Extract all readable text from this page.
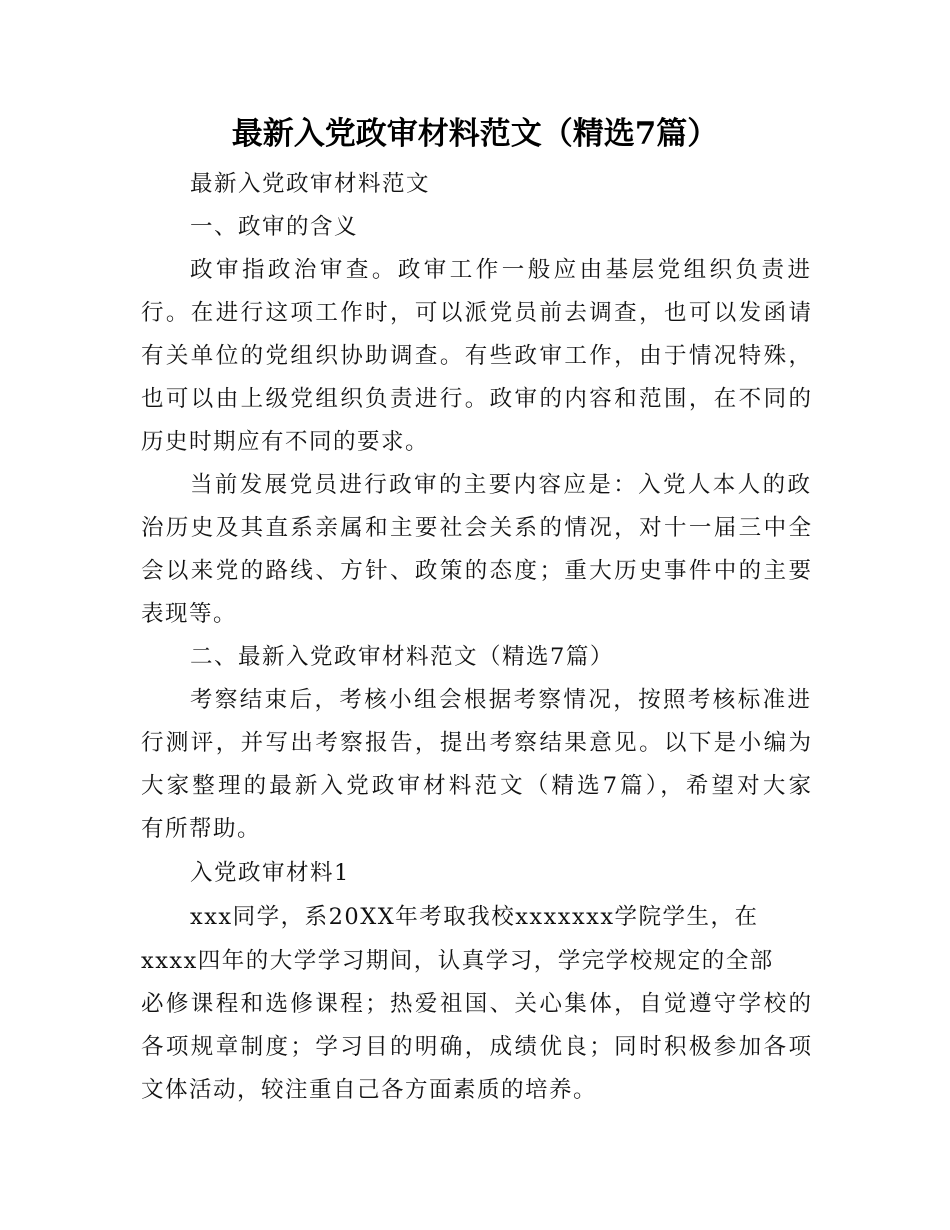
最新入党政审材料范文（精选7篇）
最新入党政审材料范文
一、政审的含义
政审指政治审查。政审工作一般应由基层党组织负责进
行。在进行这项工作时，可以派党员前去调查，也可以发函请
有关单位的党组织协助调查。有些政审工作，由于情况特殊，
也可以由上级党组织负责进行。政审的内容和范围，在不同的
历史时期应有不同的要求。
当前发展党员进行政审的主要内容应是：入党人本人的政
治历史及其直系亲属和主要社会关系的情况，对十一届三中全
会以来党的路线、方针、政策的态度；重大历史事件中的主要
表现等。
二、最新入党政审材料范文（精选7篇）
考察结束后，考核小组会根据考察情况，按照考核标准进
行测评，并写出考察报告，提出考察结果意见。以下是小编为
大家整理的最新入党政审材料范文（精选7篇），希望对大家
有所帮助。
入党政审材料1
xxx同学，系20XX年考取我校xxxxxxx学院学生，在
xxxx四年的大学学习期间，认真学习，学完学校规定的全部
必修课程和选修课程；热爱祖国、关心集体，自觉遵守学校的
各项规章制度；学习目的明确，成绩优良；同时积极参加各项
文体活动，较注重自己各方面素质的培养。
